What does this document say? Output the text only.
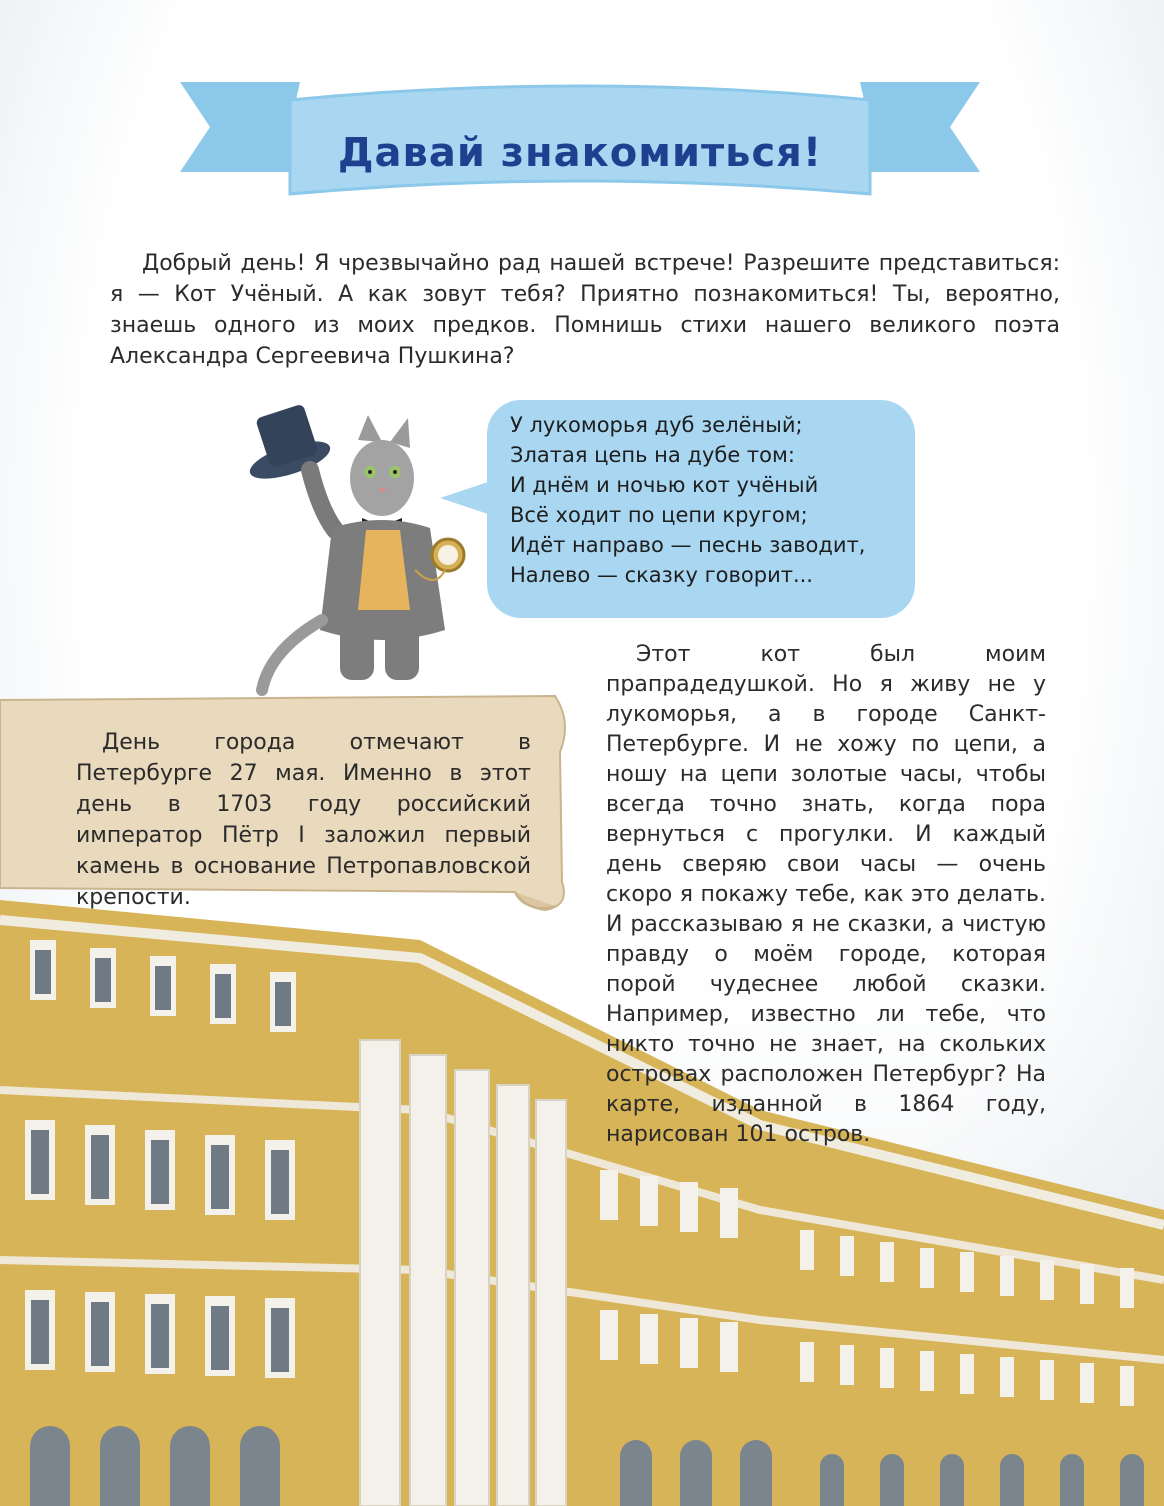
Давай знакомиться!

Добрый день! Я чрезвычайно рад нашей встрече! Разрешите представиться: я — Кот Учёный. А как зовут тебя? Приятно познакомиться! Ты, вероятно, знаешь одного из моих предков. Помнишь стихи нашего великого поэта Александра Сергеевича Пушкина?

У лукоморья дуб зелёный;
Златая цепь на дубе том:
И днём и ночью кот учёный
Всё ходит по цепи кругом;
Идёт направо — песнь заводит,
Налево — сказку говорит...

День города отмечают в Петербурге 27 мая. Именно в этот день в 1703 году российский император Пётр I заложил первый камень в основание Петропавловской крепости.

Этот кот был моим прапрадедушкой. Но я живу не у лукоморья, а в городе Санкт-Петербурге. И не хожу по цепи, а ношу на цепи золотые часы, чтобы всегда точно знать, когда пора вернуться с прогулки. И каждый день сверяю свои часы — очень скоро я покажу тебе, как это делать. И рассказываю я не сказки, а чистую правду о моём городе, которая порой чудеснее любой сказки. Например, известно ли тебе, что никто точно не знает, на скольких островах расположен Петербург? На карте, изданной в 1864 году, нарисован 101 остров.
